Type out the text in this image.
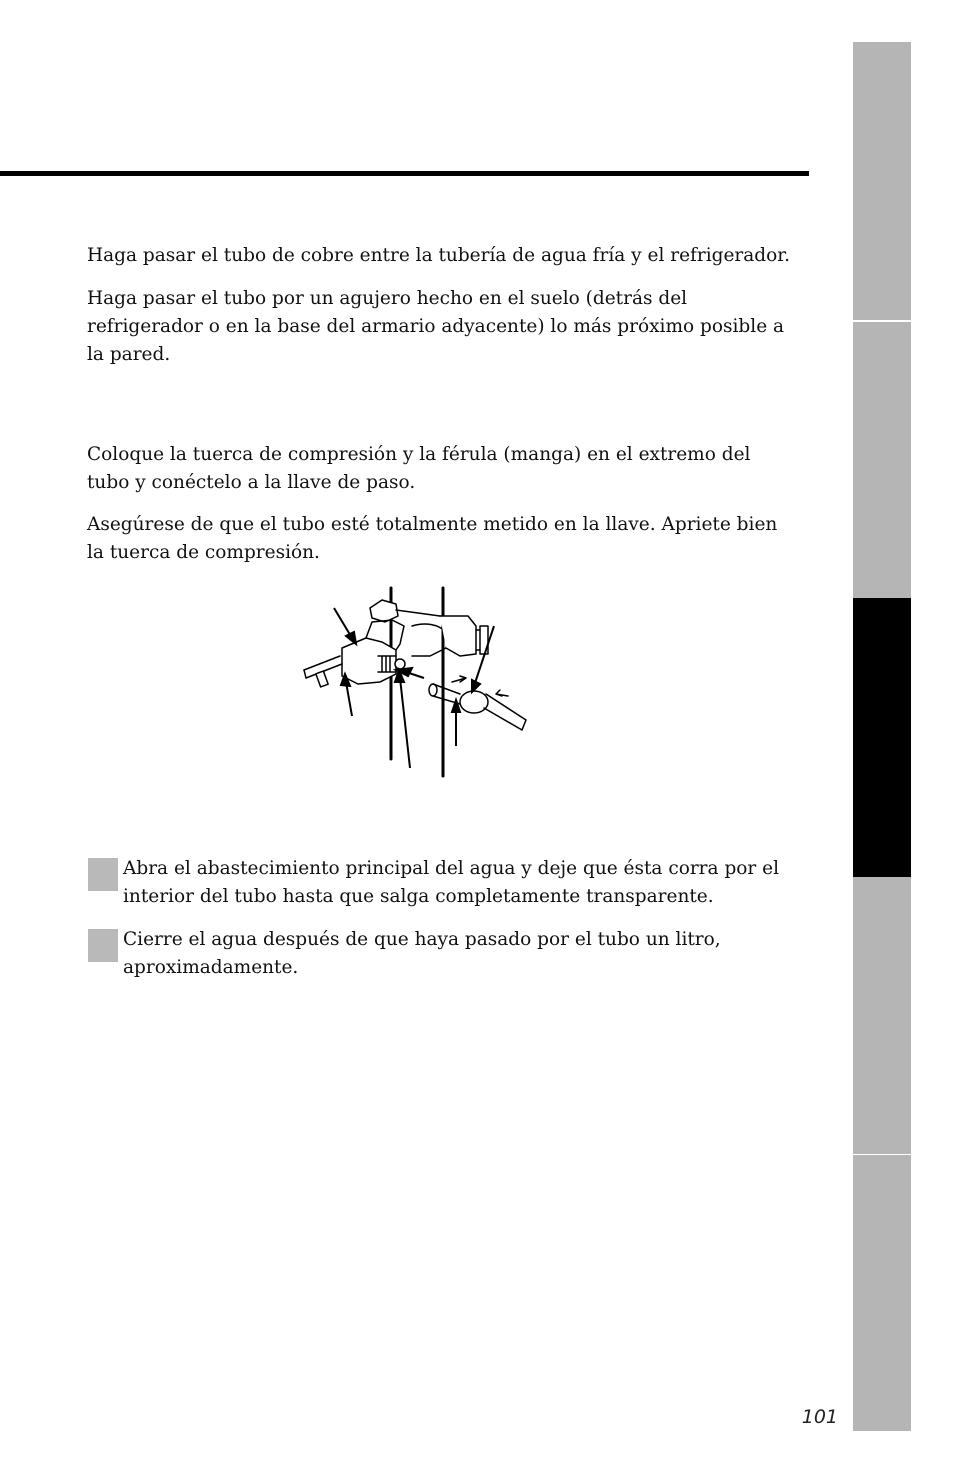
Haga pasar el tubo de cobre entre la tubería de agua fría y el refrigerador.

Haga pasar el tubo por un agujero hecho en el suelo (detrás del refrigerador o en la base del armario adyacente) lo más próximo posible a la pared.

Coloque la tuerca de compresión y la férula (manga) en el extremo del tubo y conéctelo a la llave de paso.

Asegúrese de que el tubo esté totalmente metido en la llave. Apriete bien la tuerca de compresión.

Abra el abastecimiento principal del agua y deje que ésta corra por el interior del tubo hasta que salga completamente transparente.

Cierre el agua después de que haya pasado por el tubo un litro, aproximadamente.

101
